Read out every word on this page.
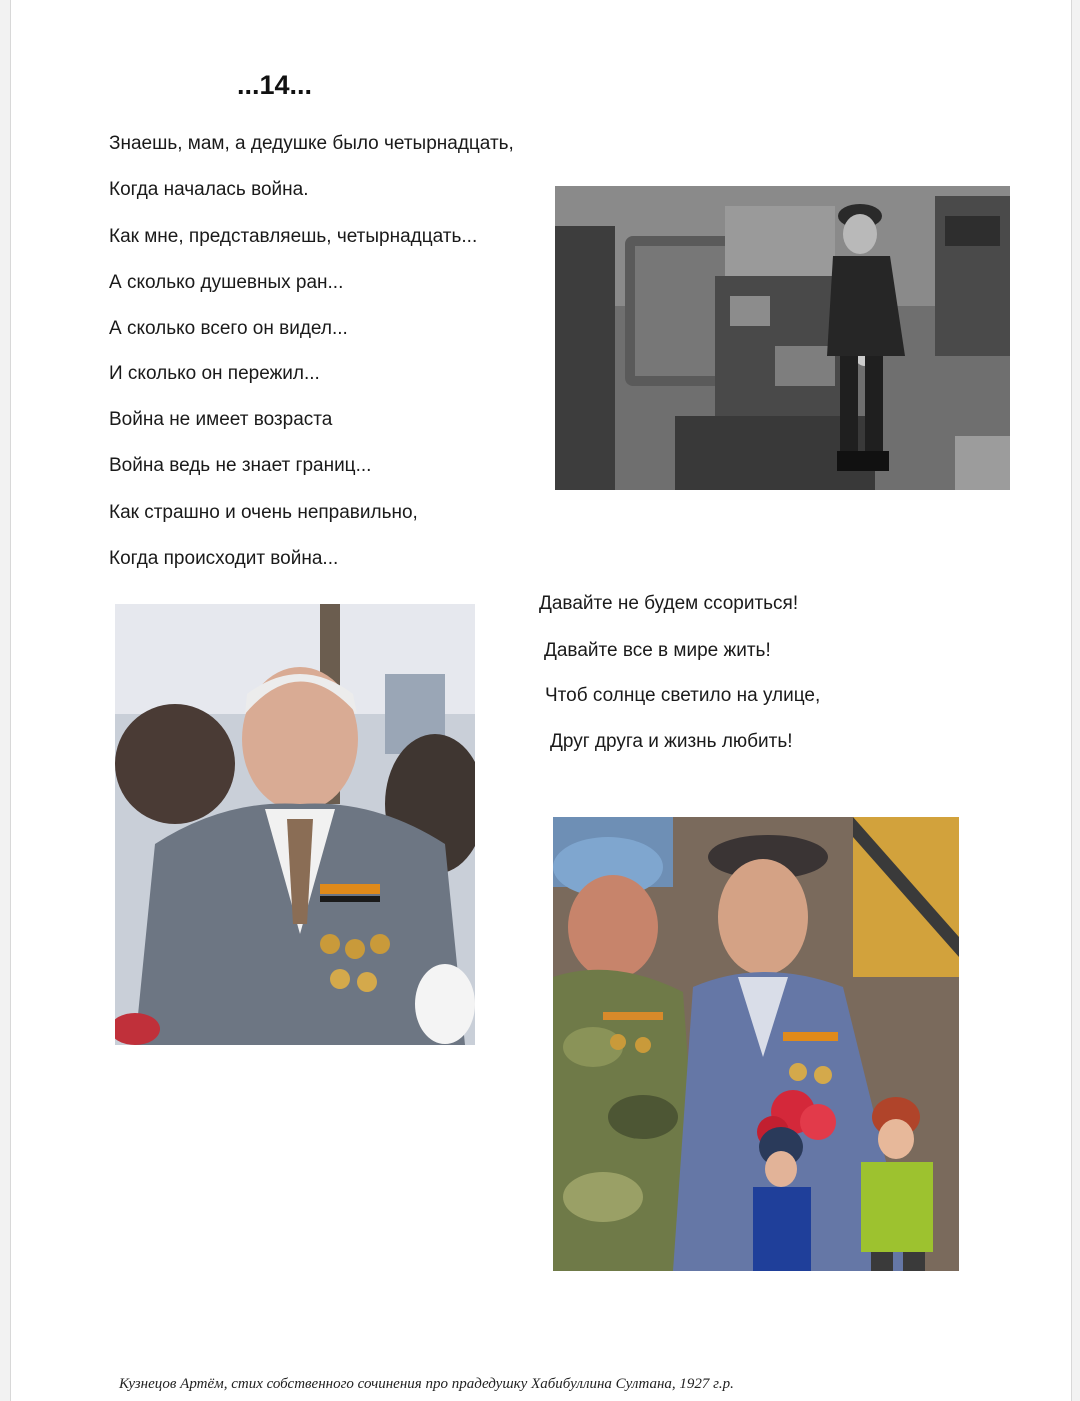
...14...
Знаешь, мам, а дедушке было четырнадцать,
Когда началась война.
Как мне, представляешь, четырнадцать...
А сколько душевных ран...
А сколько всего он видел...
И сколько он пережил...
Война не имеет возраста
Война ведь не знает границ...
Как страшно и очень неправильно,
Когда происходит война...
Давайте не будем ссориться!
Давайте все в мире жить!
Чтоб солнце светило на улице,
Друг друга и жизнь любить!
Кузнецов Артём, стих собственного сочинения про прадедушку Хабибуллина Султана, 1927 г.р.
